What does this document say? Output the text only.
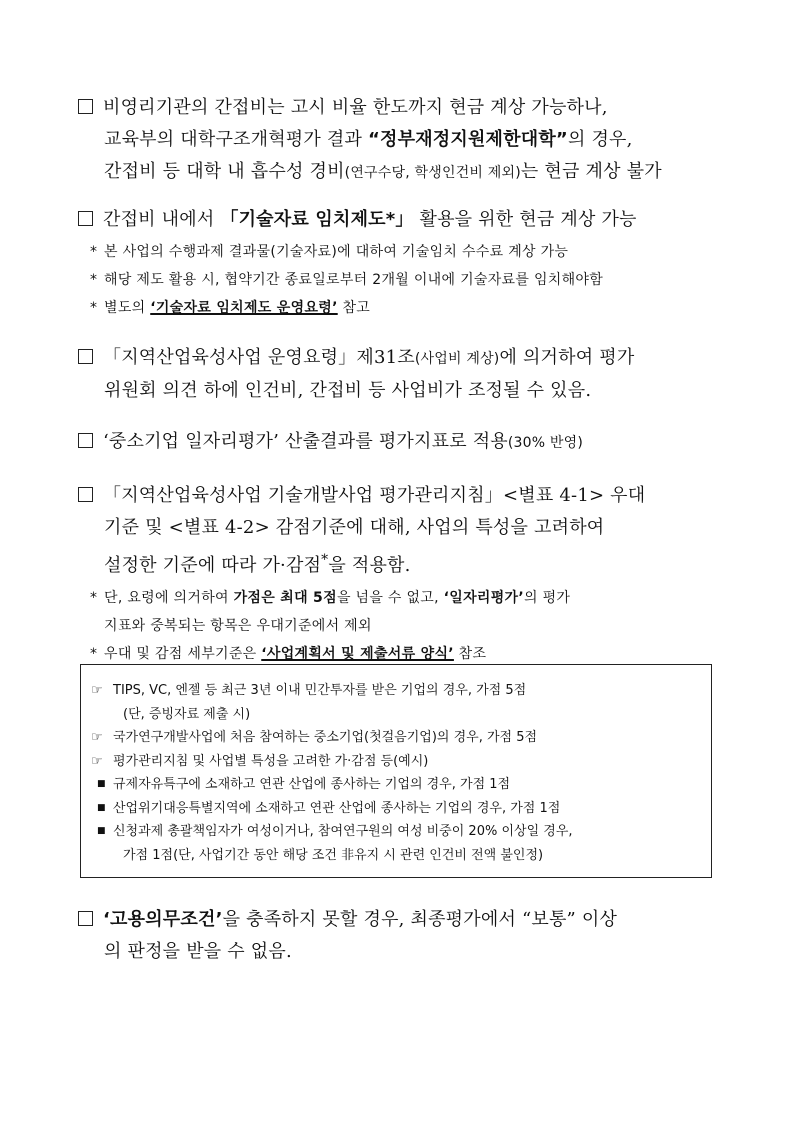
비영리기관의 간접비는 고시 비율 한도까지 현금 계상 가능하나,
교육부의 대학구조개혁평가 결과 “정부재정지원제한대학”의 경우,
간접비 등 대학 내 흡수성 경비(연구수당, 학생인건비 제외)는 현금 계상 불가
간접비 내에서 「기술자료 임치제도*」 활용을 위한 현금 계상 가능
* 본 사업의 수행과제 결과물(기술자료)에 대하여 기술임치 수수료 계상 가능
* 해당 제도 활용 시, 협약기간 종료일로부터 2개월 이내에 기술자료를 임치해야함
* 별도의 ‘기술자료 임치제도 운영요령’ 참고
「지역산업육성사업 운영요령」제31조(사업비 계상)에 의거하여 평가
위원회 의견 하에 인건비, 간접비 등 사업비가 조정될 수 있음.
‘중소기업 일자리평가’ 산출결과를 평가지표로 적용(30% 반영)
「지역산업육성사업 기술개발사업 평가관리지침」<별표 4-1> 우대
기준 및 <별표 4-2> 감점기준에 대해, 사업의 특성을 고려하여
설정한 기준에 따라 가·감점*을 적용함.
* 단, 요령에 의거하여 가점은 최대 5점을 넘을 수 없고, ‘일자리평가’의 평가
지표와 중복되는 항목은 우대기준에서 제외
* 우대 및 감점 세부기준은 ‘사업계획서 및 제출서류 양식’ 참조
☞ TIPS, VC, 엔젤 등 최근 3년 이내 민간투자를 받은 기업의 경우, 가점 5점
(단, 증빙자료 제출 시)
☞ 국가연구개발사업에 처음 참여하는 중소기업(첫걸음기업)의 경우, 가점 5점
☞ 평가관리지침 및 사업별 특성을 고려한 가·감점 등(예시)
■ 규제자유특구에 소재하고 연관 산업에 종사하는 기업의 경우, 가점 1점
■ 산업위기대응특별지역에 소재하고 연관 산업에 종사하는 기업의 경우, 가점 1점
■ 신청과제 총괄책임자가 여성이거나, 참여연구원의 여성 비중이 20% 이상일 경우,
가점 1점(단, 사업기간 동안 해당 조건 非유지 시 관련 인건비 전액 불인정)
‘고용의무조건’을 충족하지 못할 경우, 최종평가에서 “보통” 이상
의 판정을 받을 수 없음.
